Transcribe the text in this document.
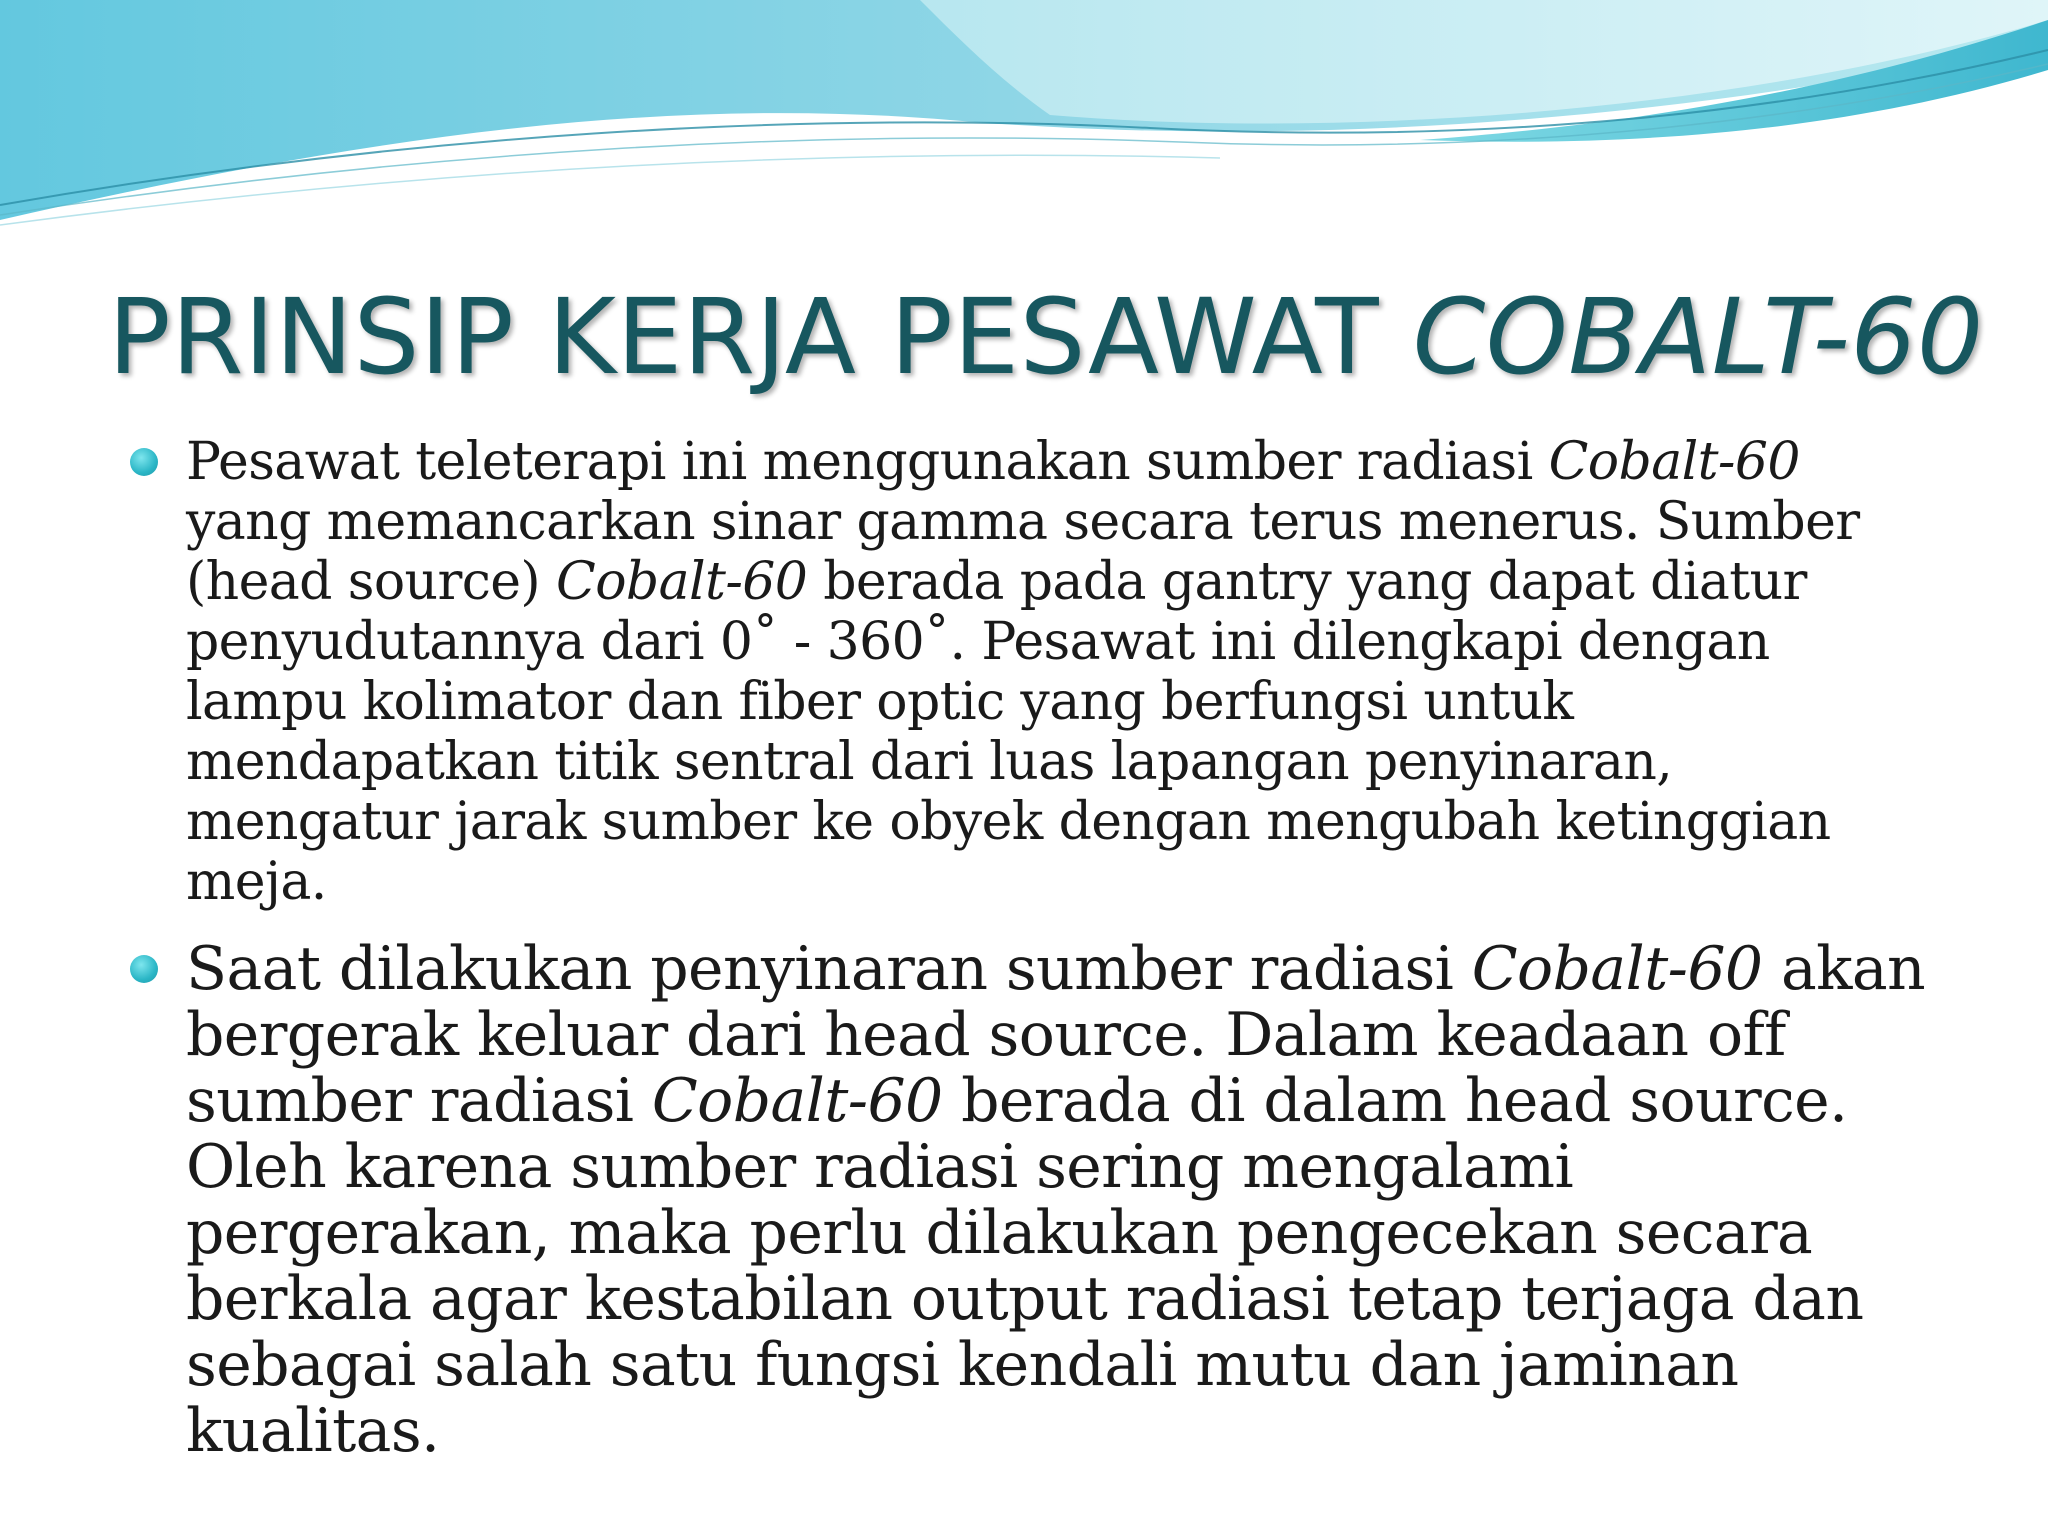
PRINSIP KERJA PESAWAT COBALT-60
Pesawat teleterapi ini menggunakan sumber radiasi Cobalt-60 yang memancarkan sinar gamma secara terus menerus. Sumber (head source) Cobalt-60 berada pada gantry yang dapat diatur penyudutannya dari 0˚ - 360˚. Pesawat ini dilengkapi dengan lampu kolimator dan fiber optic yang berfungsi untuk mendapatkan titik sentral dari luas lapangan penyinaran, mengatur jarak sumber ke obyek dengan mengubah ketinggian meja.
Saat dilakukan penyinaran sumber radiasi Cobalt-60 akan bergerak keluar dari head source. Dalam keadaan off sumber radiasi Cobalt-60 berada di dalam head source. Oleh karena sumber radiasi sering mengalami pergerakan, maka perlu dilakukan pengecekan secara berkala agar kestabilan output radiasi tetap terjaga dan sebagai salah satu fungsi kendali mutu dan jaminan kualitas.
